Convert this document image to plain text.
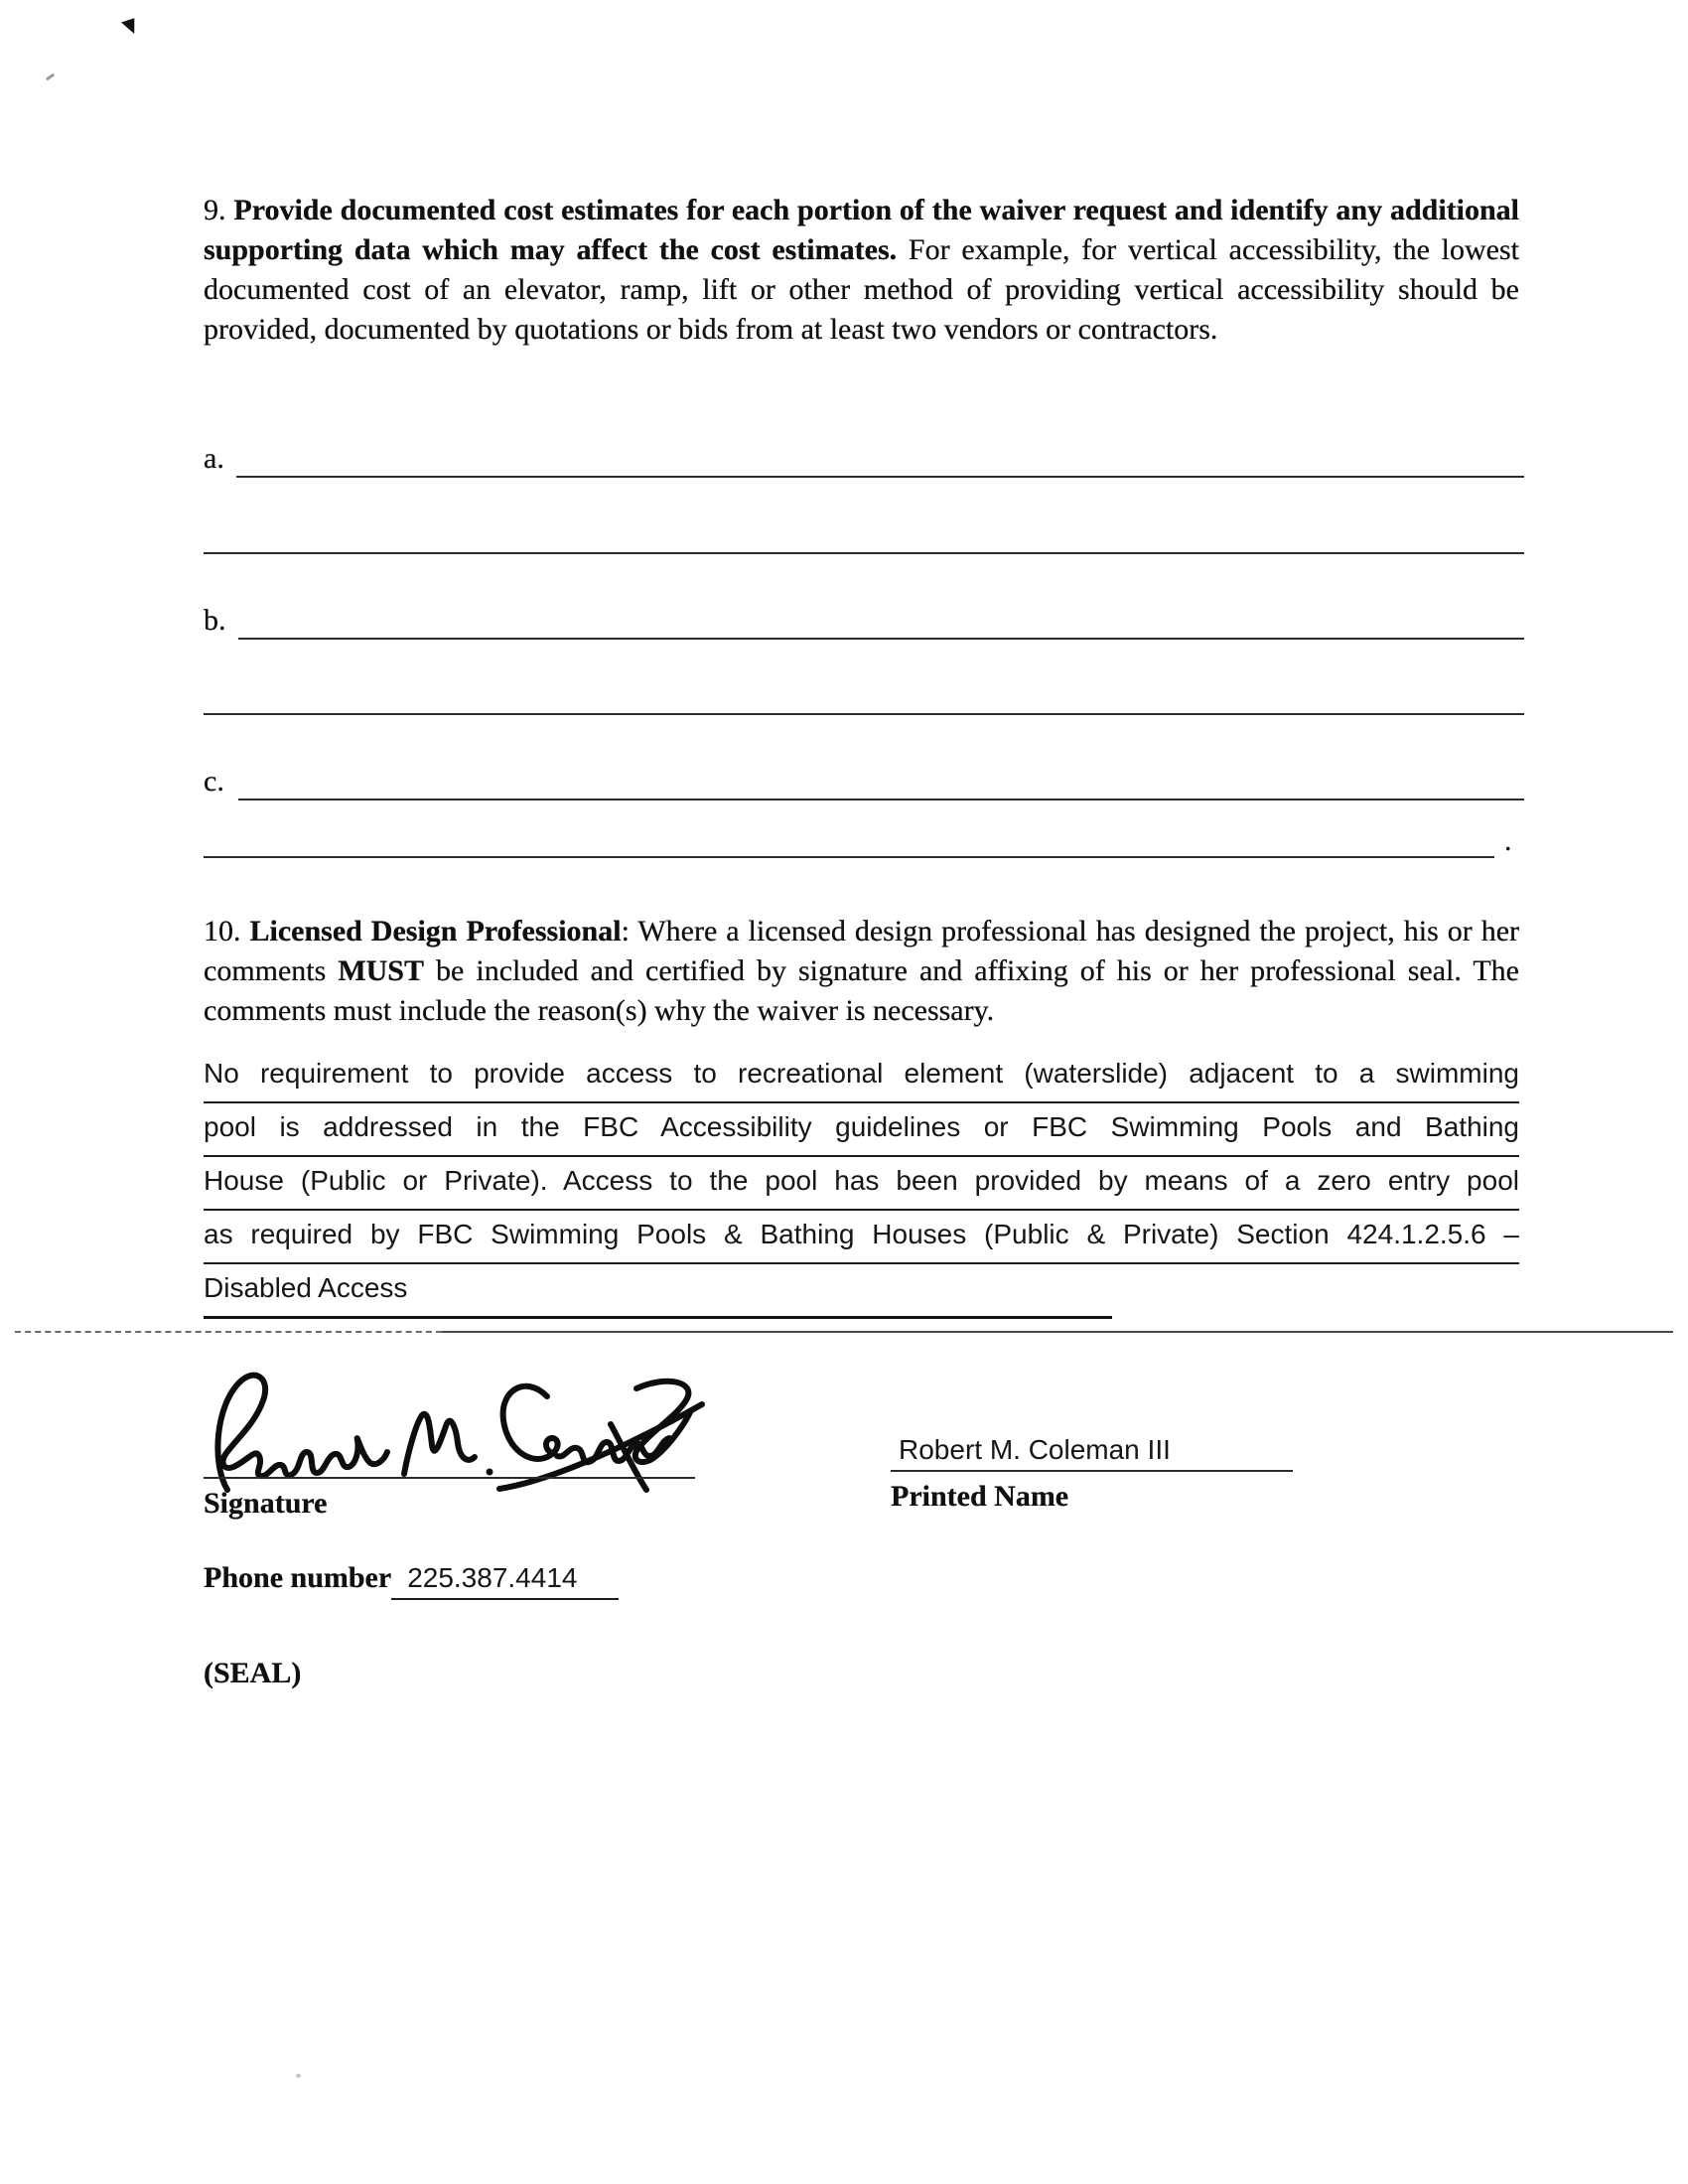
9. Provide documented cost estimates for each portion of the waiver request and identify any additional supporting data which may affect the cost estimates. For example, for vertical accessibility, the lowest documented cost of an elevator, ramp, lift or other method of providing vertical accessibility should be provided, documented by quotations or bids from at least two vendors or contractors.
a.
b.
c.
.
10. Licensed Design Professional: Where a licensed design professional has designed the project, his or her comments MUST be included and certified by signature and affixing of his or her professional seal. The comments must include the reason(s) why the waiver is necessary.
No requirement to provide access to recreational element (waterslide) adjacent to a swimming
pool is addressed in the FBC Accessibility guidelines or FBC Swimming Pools and Bathing
House (Public or Private). Access to the pool has been provided by means of a zero entry pool
as required by FBC Swimming Pools & Bathing Houses (Public & Private) Section 424.1.2.5.6 –
Disabled Access
Signature
Robert M. Coleman III
Printed Name
Phone number 225.387.4414
(SEAL)
